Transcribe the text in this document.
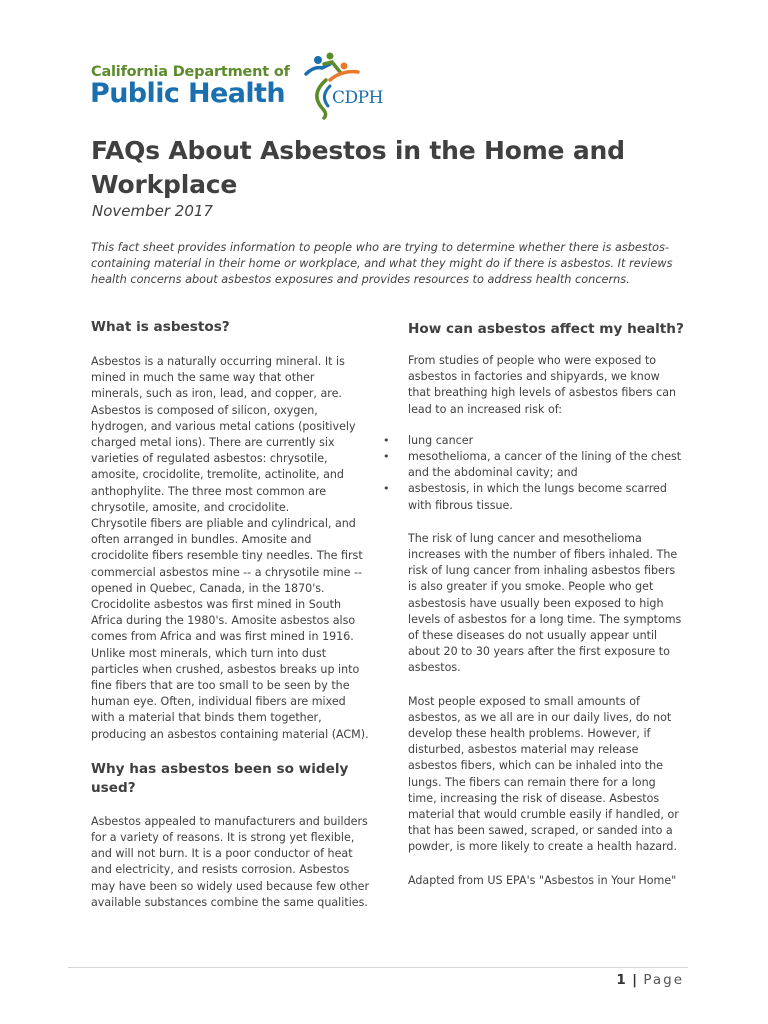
California Department of
Public Health	CDPH
FAQs About Asbestos in the Home and Workplace

November 2017

This fact sheet provides information to people who are trying to determine whether there is asbestos-containing material in their home or workplace, and what they might do if there is asbestos. It reviews health concerns about asbestos exposures and provides resources to address health concerns.

What is asbestos?

Asbestos is a naturally occurring mineral. It is mined in much the same way that other minerals, such as iron, lead, and copper, are. Asbestos is composed of silicon, oxygen, hydrogen, and various metal cations (positively charged metal ions). There are currently six varieties of regulated asbestos: chrysotile, amosite, crocidolite, tremolite, actinolite, and anthophylite. The three most common are chrysotile, amosite, and crocidolite.

Chrysotile fibers are pliable and cylindrical, and often arranged in bundles. Amosite and crocidolite fibers resemble tiny needles. The first commercial asbestos mine -- a chrysotile mine -- opened in Quebec, Canada, in the 1870's. Crocidolite asbestos was first mined in South Africa during the 1980's. Amosite asbestos also comes from Africa and was first mined in 1916. Unlike most minerals, which turn into dust particles when crushed, asbestos breaks up into fine fibers that are too small to be seen by the human eye. Often, individual fibers are mixed with a material that binds them together, producing an asbestos containing material (ACM).

Why has asbestos been so widely used?

Asbestos appealed to manufacturers and builders for a variety of reasons. It is strong yet flexible, and will not burn. It is a poor conductor of heat and electricity, and resists corrosion. Asbestos may have been so widely used because few other available substances combine the same qualities.

How can asbestos affect my health?

From studies of people who were exposed to asbestos in factories and shipyards, we know that breathing high levels of asbestos fibers can lead to an increased risk of:

• lung cancer
• mesothelioma, a cancer of the lining of the chest and the abdominal cavity; and
• asbestosis, in which the lungs become scarred with fibrous tissue.

The risk of lung cancer and mesothelioma increases with the number of fibers inhaled. The risk of lung cancer from inhaling asbestos fibers is also greater if you smoke. People who get asbestosis have usually been exposed to high levels of asbestos for a long time. The symptoms of these diseases do not usually appear until about 20 to 30 years after the first exposure to asbestos.

Most people exposed to small amounts of asbestos, as we all are in our daily lives, do not develop these health problems. However, if disturbed, asbestos material may release asbestos fibers, which can be inhaled into the lungs. The fibers can remain there for a long time, increasing the risk of disease. Asbestos material that would crumble easily if handled, or that has been sawed, scraped, or sanded into a powder, is more likely to create a health hazard.

Adapted from US EPA's "Asbestos in Your Home"

1 | Page
